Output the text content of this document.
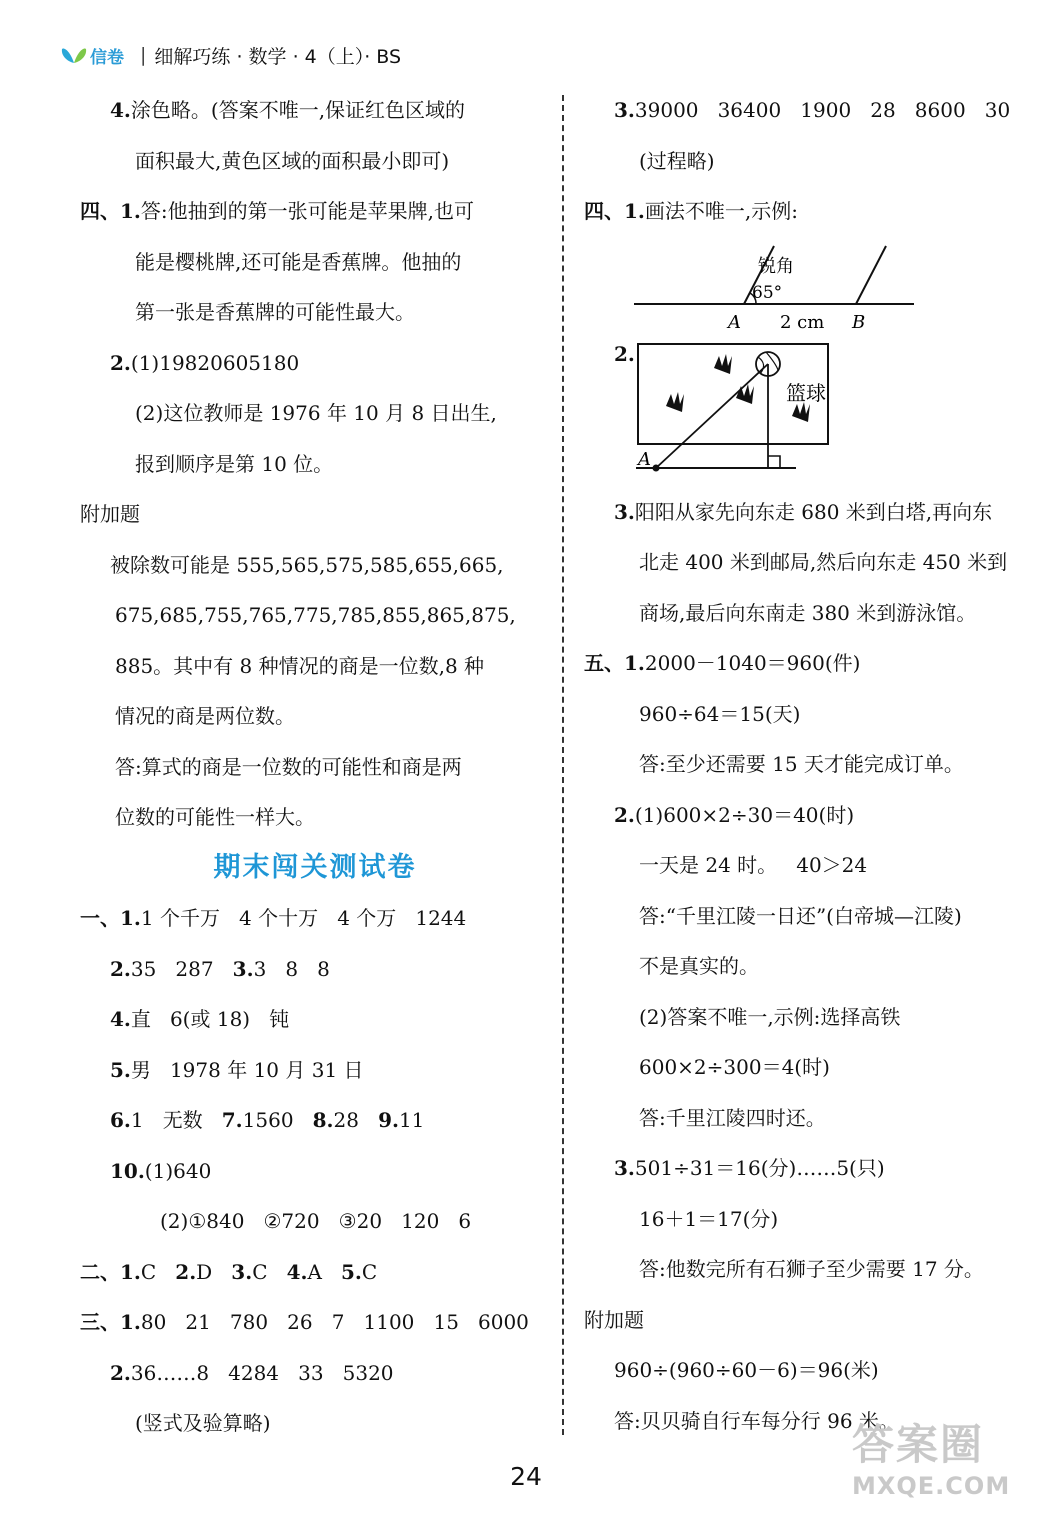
信卷 | 细解巧练 · 数学 · 4（上）· BS
4.涂色略。(答案不唯一,保证红色区域的
面积最大,黄色区域的面积最小即可)
四、1.答:他抽到的第一张可能是苹果牌,也可
能是樱桃牌,还可能是香蕉牌。他抽的
第一张是香蕉牌的可能性最大。
2.(1)19820605180
(2)这位教师是 1976 年 10 月 8 日出生,
报到顺序是第 10 位。
附加题
被除数可能是 555,565,575,585,655,665,
675,685,755,765,775,785,855,865,875,
885。其中有 8 种情况的商是一位数,8 种
情况的商是两位数。
答:算式的商是一位数的可能性和商是两
位数的可能性一样大。
期末闯关测试卷
一、1.1 个千万   4 个十万   4 个万   1244
2.35   287 3.3   8   8
4.直   6(或 18)   钝
5.男   1978 年 10 月 31 日
6.1   无数 7.1560 8.28 9.11
10.(1)640
(2)①840   ②720   ③20   120   6
二、1.C 2.D 3.C 4.A 5.C
三、1.80   21   780   26   7   1100   15   6000
2.36……8   4284   33   5320
(竖式及验算略)
3.39000   36400   1900   28   8600   30
(过程略)
四、1.画法不唯一,示例:
锐角
65°
A 2 cm B
2.
篮球
A
3.阳阳从家先向东走 680 米到白塔,再向东
北走 400 米到邮局,然后向东走 450 米到
商场,最后向东南走 380 米到游泳馆。
五、1.2000－1040＝960(件)
960÷64＝15(天)
答:至少还需要 15 天才能完成订单。
2.(1)600×2÷30＝40(时)
一天是 24 时。   40＞24
答:“千里江陵一日还”(白帝城—江陵)
不是真实的。
(2)答案不唯一,示例:选择高铁
600×2÷300＝4(时)
答:千里江陵四时还。
3.501÷31＝16(分)……5(只)
16＋1＝17(分)
答:他数完所有石狮子至少需要 17 分。
附加题
960÷(960÷60－6)＝96(米)
答:贝贝骑自行车每分行 96 米。
24
答案圈
MXQE.COM
